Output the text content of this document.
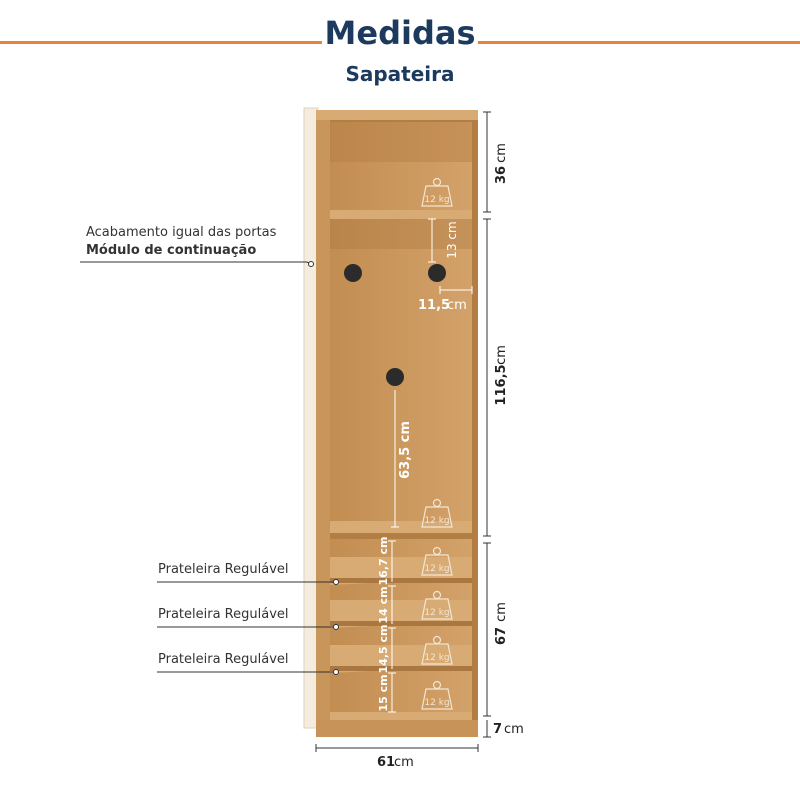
Medidas
Sapateira
13 cm
11,5
cm
63,5 cm
16,7 cm
14 cm
14,5 cm
15 cm
12 kg
12 kg
12 kg
12 kg
12 kg
12 kg
36
cm
116,5
cm
67
cm
7 cm
61
cm
Acabamento igual das portas
Módulo de continuação
Prateleira Regulável
Prateleira Regulável
Prateleira Regulável
